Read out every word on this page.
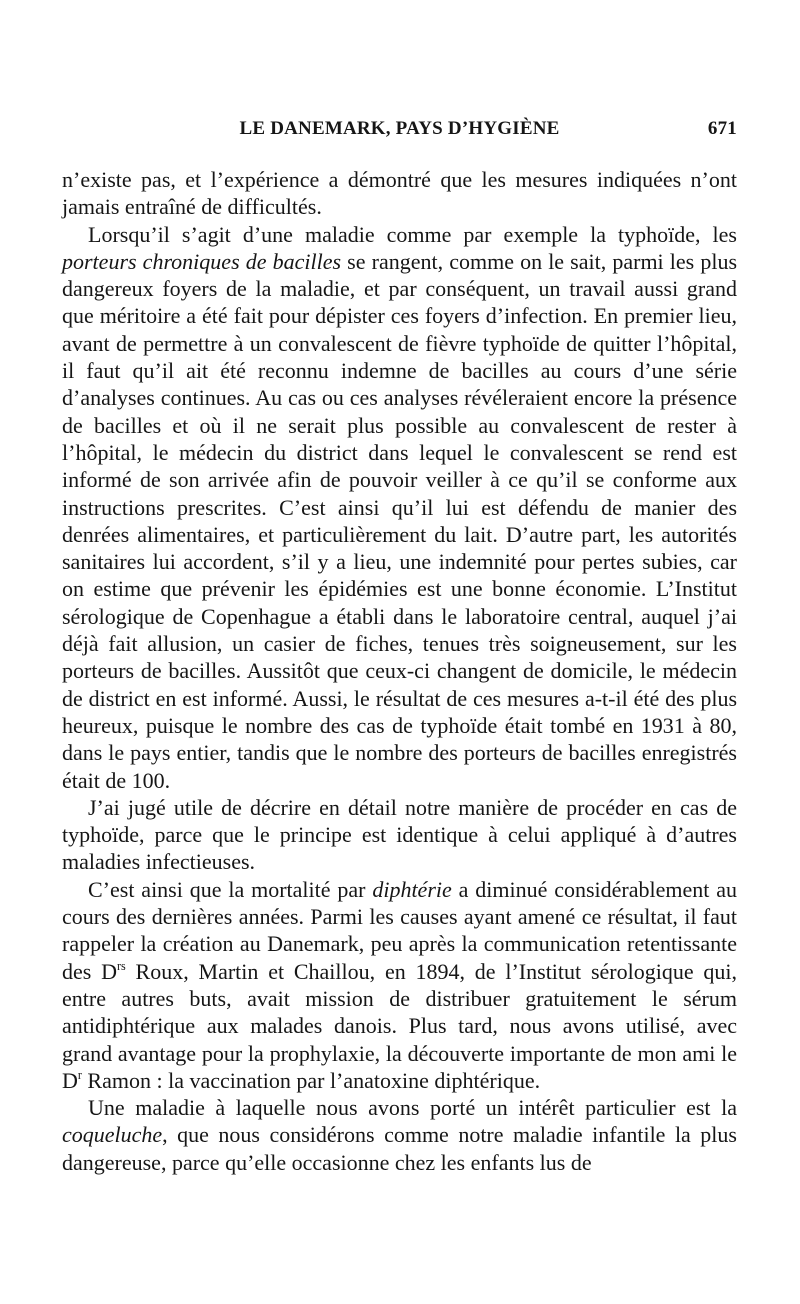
LE DANEMARK, PAYS D’HYGIÈNE	671

n’existe pas, et l’expérience a démontré que les mesures indiquées n’ont jamais entraîné de difficultés.

Lorsqu’il s’agit d’une maladie comme par exemple la typhoïde, les porteurs chroniques de bacilles se rangent, comme on le sait, parmi les plus dangereux foyers de la maladie, et par conséquent, un travail aussi grand que méritoire a été fait pour dépister ces foyers d’infection. En premier lieu, avant de permettre à un convalescent de fièvre typhoïde de quitter l’hôpital, il faut qu’il ait été reconnu indemne de bacilles au cours d’une série d’analyses continues. Au cas ou ces analyses révéleraient encore la présence de bacilles et où il ne serait plus possible au convalescent de rester à l’hôpital, le médecin du district dans lequel le convalescent se rend est informé de son arrivée afin de pouvoir veiller à ce qu’il se conforme aux instructions prescrites. C’est ainsi qu’il lui est défendu de manier des denrées alimentaires, et particulièrement du lait. D’autre part, les autorités sanitaires lui accordent, s’il y a lieu, une indemnité pour pertes subies, car on estime que prévenir les épidémies est une bonne économie. L’Institut sérologique de Copenhague a établi dans le laboratoire central, auquel j’ai déjà fait allusion, un casier de fiches, tenues très soigneusement, sur les porteurs de bacilles. Aussitôt que ceux-ci changent de domicile, le médecin de district en est informé. Aussi, le résultat de ces mesures a-t-il été des plus heureux, puisque le nombre des cas de typhoïde était tombé en 1931 à 80, dans le pays entier, tandis que le nombre des porteurs de bacilles enregistrés était de 100.

J’ai jugé utile de décrire en détail notre manière de procéder en cas de typhoïde, parce que le principe est identique à celui appliqué à d’autres maladies infectieuses.

C’est ainsi que la mortalité par diphtérie a diminué considérablement au cours des dernières années. Parmi les causes ayant amené ce résultat, il faut rappeler la création au Danemark, peu après la communication retentissante des $D^{rs}$ Roux, Martin et Chaillou, en 1894, de l’Institut sérologique qui, entre autres buts, avait mission de distribuer gratuitement le sérum antidiphtérique aux malades danois. Plus tard, nous avons utilisé, avec grand avantage pour la prophylaxie, la découverte importante de mon ami le $D^r$ Ramon : la vaccination par l’anatoxine diphtérique.

Une maladie à laquelle nous avons porté un intérêt particulier est la coqueluche, que nous considérons comme notre maladie infantile la plus dangereuse, parce qu’elle occasionne chez les enfants lus de
